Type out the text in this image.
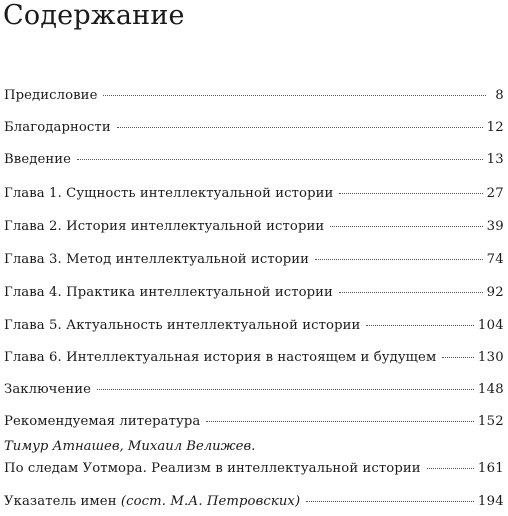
Содержание
Предисловие	8
Благодарности	12
Введение	13
Глава 1. Сущность интеллектуальной истории	27
Глава 2. История интеллектуальной истории	39
Глава 3. Метод интеллектуальной истории	74
Глава 4. Практика интеллектуальной истории	92
Глава 5. Актуальность интеллектуальной истории	104
Глава 6. Интеллектуальная история в настоящем и будущем	130
Заключение	148
Рекомендуемая литература	152
Тимур Атнашев, Михаил Велижев.
По следам Уотмора. Реализм в интеллектуальной истории	161
Указатель имен (сост. М.А. Петровских)	194
